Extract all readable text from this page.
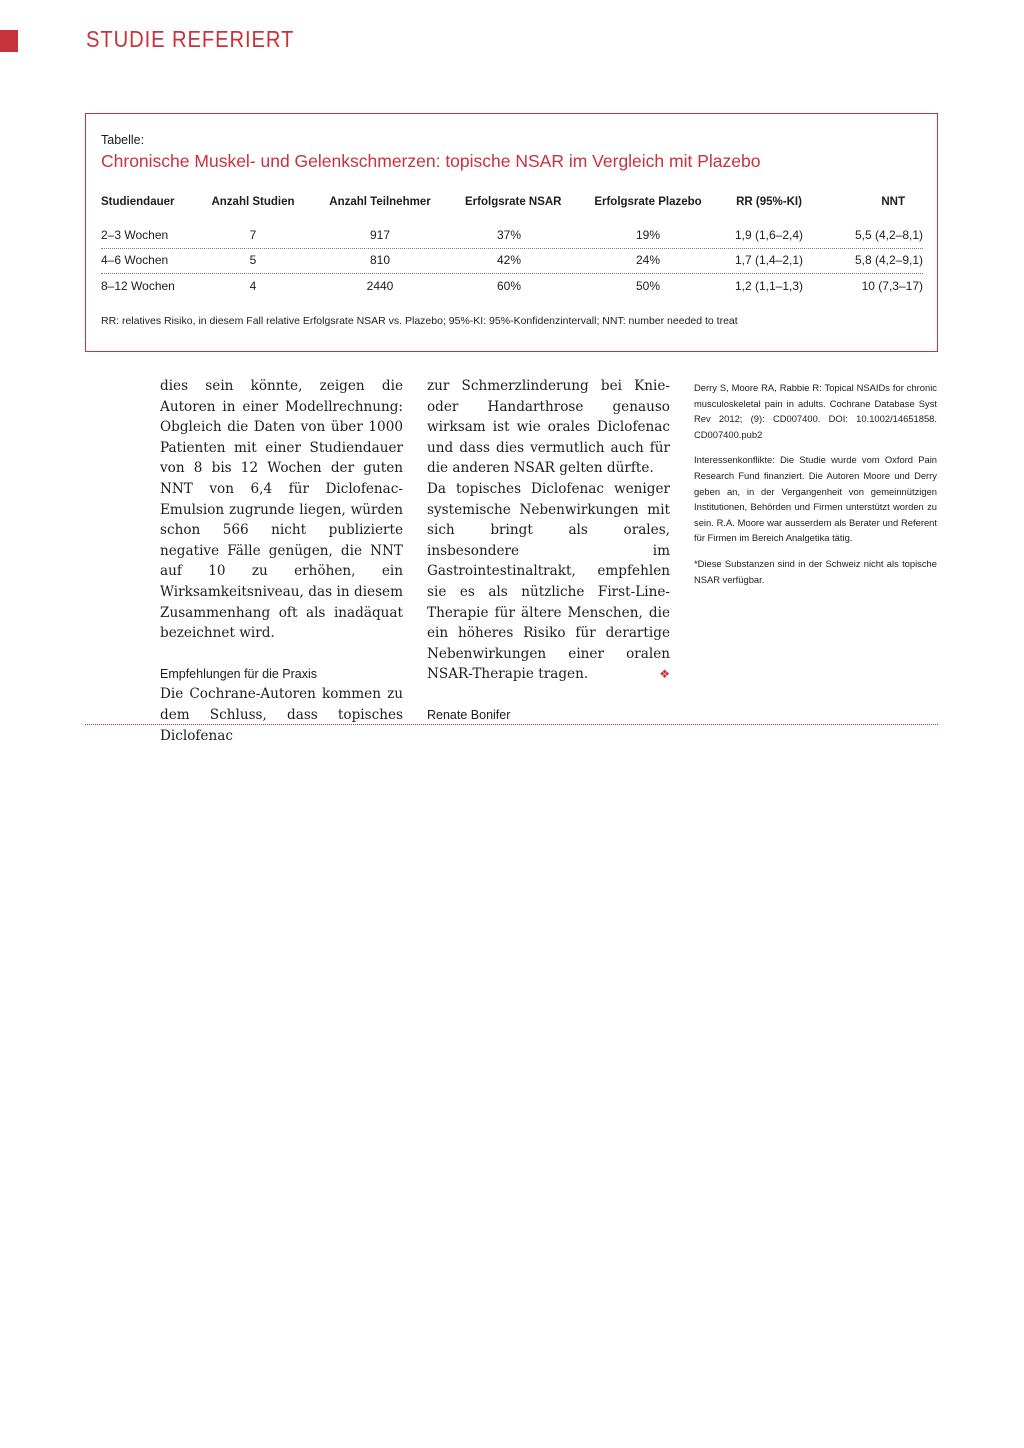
STUDIE REFERIERT
Tabelle:
Chronische Muskel- und Gelenkschmerzen: topische NSAR im Vergleich mit Plazebo
Studiendauer	Anzahl Studien	Anzahl Teilnehmer	Erfolgsrate NSAR	Erfolgsrate Plazebo	RR (95%-KI)	NNT
2–3 Wochen	7	917	37%	19%	1,9 (1,6–2,4)	5,5 (4,2–8,1)
4–6 Wochen	5	810	42%	24%	1,7 (1,4–2,1)	5,8 (4,2–9,1)
8–12 Wochen	4	2440	60%	50%	1,2 (1,1–1,3)	10 (7,3–17)
RR: relatives Risiko, in diesem Fall relative Erfolgsrate NSAR vs. Plazebo; 95%-KI: 95%-Konfidenzintervall; NNT: number needed to treat

dies sein könnte, zeigen die Autoren in einer Modellrechnung: Obgleich die Daten von über 1000 Patienten mit einer Studiendauer von 8 bis 12 Wochen der guten NNT von 6,4 für Diclofenac-Emulsion zugrunde liegen, würden schon 566 nicht publizierte negative Fälle genügen, die NNT auf 10 zu erhöhen, ein Wirksamkeitsniveau, das in diesem Zusammenhang oft als inadäquat bezeichnet wird.

Empfehlungen für die Praxis

Die Cochrane-Autoren kommen zu dem Schluss, dass topisches Diclofenac

zur Schmerzlinderung bei Knie- oder Handarthrose genauso wirksam ist wie orales Diclofenac und dass dies vermutlich auch für die anderen NSAR gelten dürfte.

Da topisches Diclofenac weniger systemische Nebenwirkungen mit sich bringt als orales, insbesondere im Gastrointestinaltrakt, empfehlen sie es als nützliche First-Line-Therapie für ältere Menschen, die ein höheres Risiko für derartige Nebenwirkungen einer oralen NSAR-Therapie tragen.	❖

Renate Bonifer

Derry S, Moore RA, Rabbie R: Topical NSAIDs for chronic musculoskeletal pain in adults. Cochrane Database Syst Rev 2012; (9): CD007400. DOI: 10.1002/14651858. CD007400.pub2

Interessenkonflikte: Die Studie wurde vom Oxford Pain Research Fund finanziert. Die Autoren Moore und Derry geben an, in der Vergangenheit von gemeinnützigen Institutionen, Behörden und Firmen unterstützt worden zu sein. R.A. Moore war ausserdem als Berater und Referent für Firmen im Bereich Analgetika tätig.

*Diese Substanzen sind in der Schweiz nicht als topische NSAR verfügbar.
